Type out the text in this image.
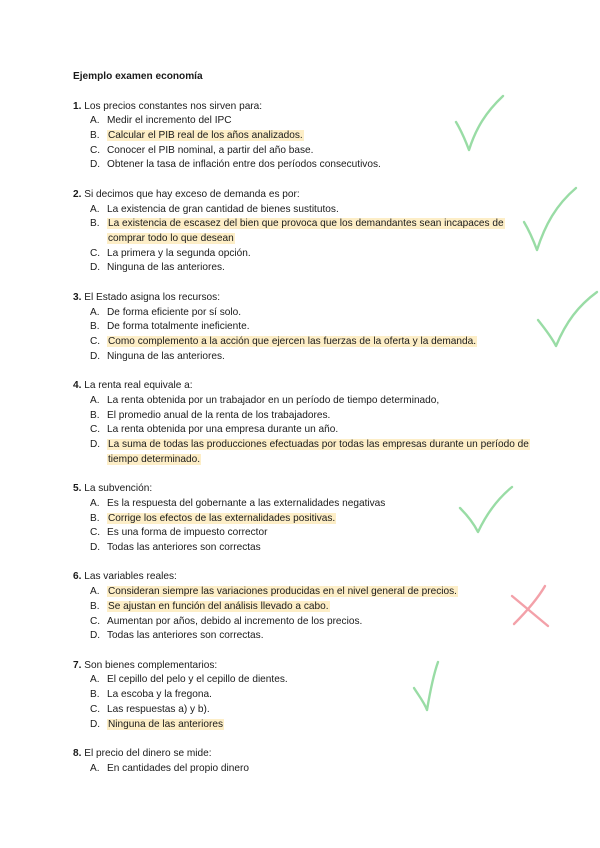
Ejemplo examen economía
1. Los precios constantes nos sirven para:
A. Medir el incremento del IPC
B. Calcular el PIB real de los años analizados.
C. Conocer el PIB nominal, a partir del año base.
D. Obtener la tasa de inflación entre dos períodos consecutivos.
2. Si decimos que hay exceso de demanda es por:
A. La existencia de gran cantidad de bienes sustitutos.
B. La existencia de escasez del bien que provoca que los demandantes sean incapaces de comprar todo lo que desean
C. La primera y la segunda opción.
D. Ninguna de las anteriores.
3. El Estado asigna los recursos:
A. De forma eficiente por sí solo.
B. De forma totalmente ineficiente.
C. Como complemento a la acción que ejercen las fuerzas de la oferta y la demanda.
D. Ninguna de las anteriores.
4. La renta real equivale a:
A. La renta obtenida por un trabajador en un período de tiempo determinado,
B. El promedio anual de la renta de los trabajadores.
C. La renta obtenida por una empresa durante un año.
D. La suma de todas las producciones efectuadas por todas las empresas durante un período de tiempo determinado.
5. La subvención:
A. Es la respuesta del gobernante a las externalidades negativas
B. Corrige los efectos de las externalidades positivas.
C. Es una forma de impuesto corrector
D. Todas las anteriores son correctas
6. Las variables reales:
A. Consideran siempre las variaciones producidas en el nivel general de precios.
B. Se ajustan en función del análisis llevado a cabo.
C. Aumentan por años, debido al incremento de los precios.
D. Todas las anteriores son correctas.
7. Son bienes complementarios:
A. El cepillo del pelo y el cepillo de dientes.
B. La escoba y la fregona.
C. Las respuestas a) y b).
D. Ninguna de las anteriores
8. El precio del dinero se mide:
A. En cantidades del propio dinero
